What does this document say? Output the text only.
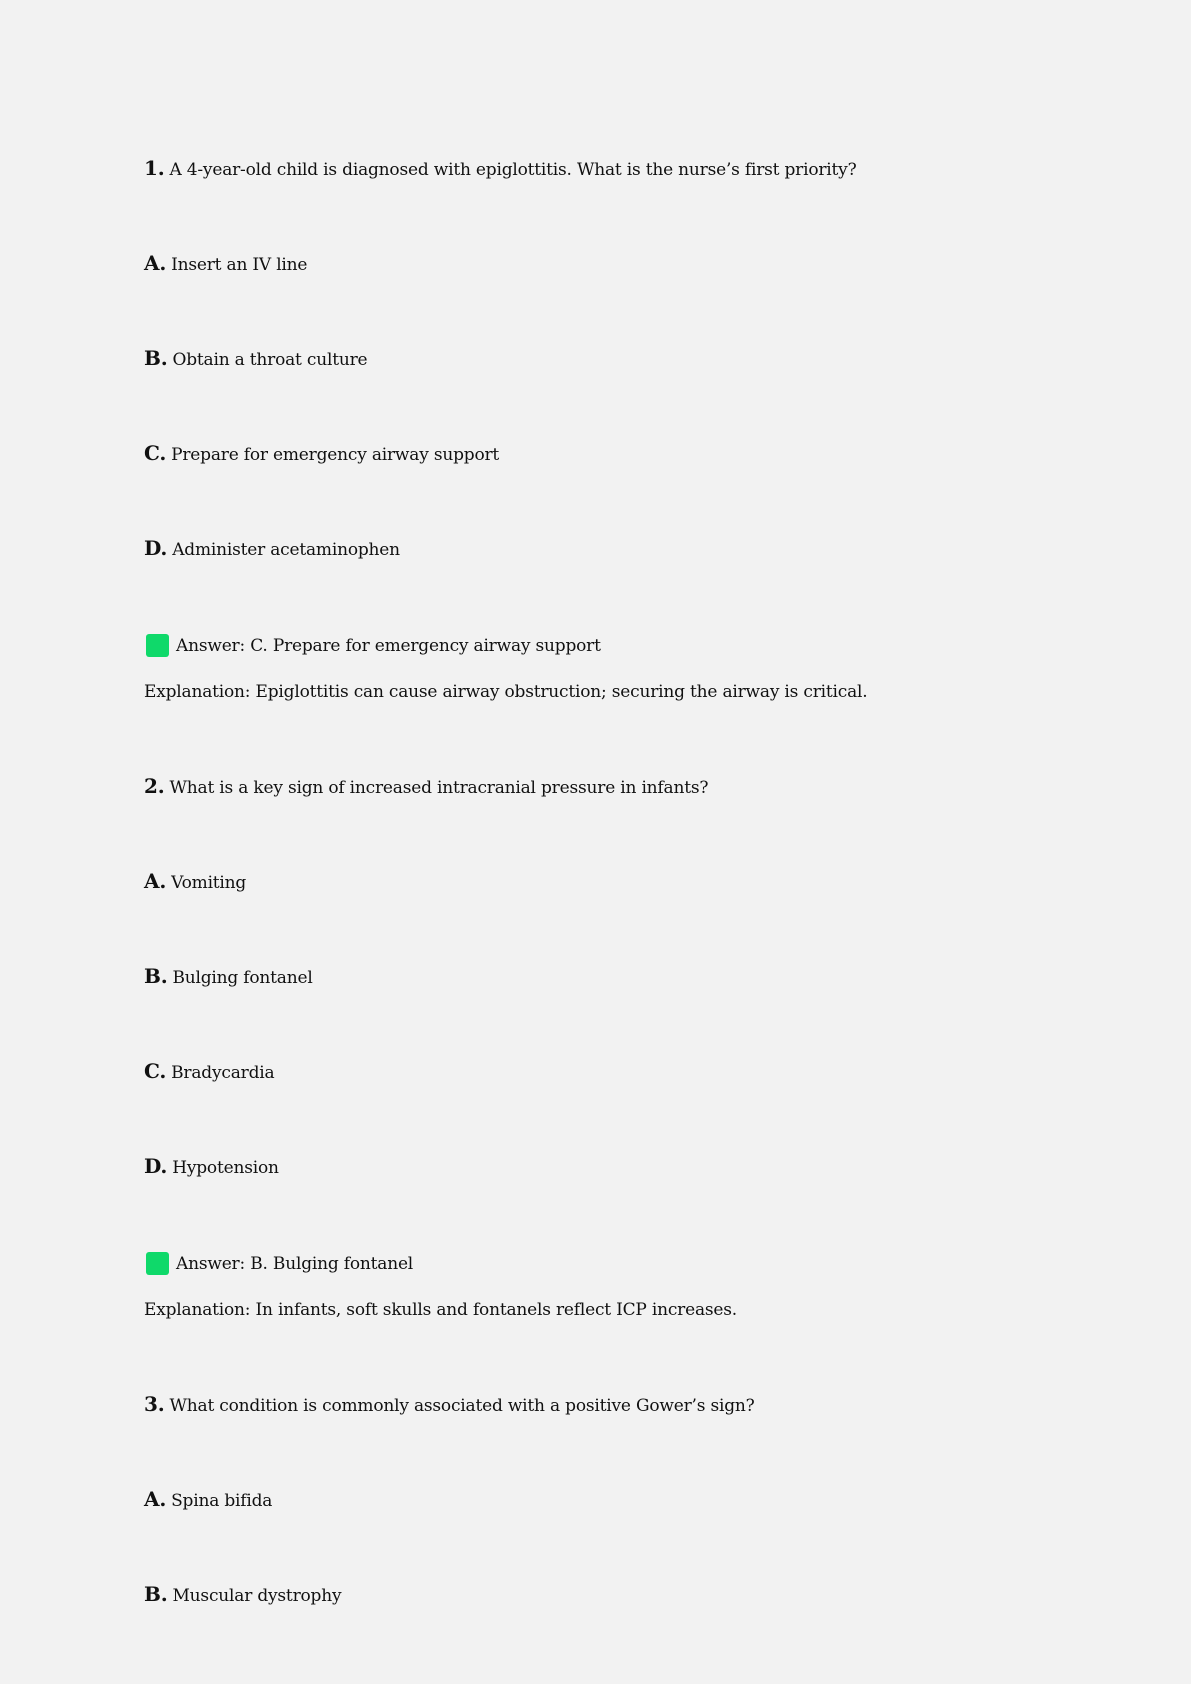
1. A 4-year-old child is diagnosed with epiglottitis. What is the nurse’s first priority?
A. Insert an IV line
B. Obtain a throat culture
C. Prepare for emergency airway support
D. Administer acetaminophen
Answer: C. Prepare for emergency airway support
Explanation: Epiglottitis can cause airway obstruction; securing the airway is critical.
2. What is a key sign of increased intracranial pressure in infants?
A. Vomiting
B. Bulging fontanel
C. Bradycardia
D. Hypotension
Answer: B. Bulging fontanel
Explanation: In infants, soft skulls and fontanels reflect ICP increases.
3. What condition is commonly associated with a positive Gower’s sign?
A. Spina bifida
B. Muscular dystrophy
